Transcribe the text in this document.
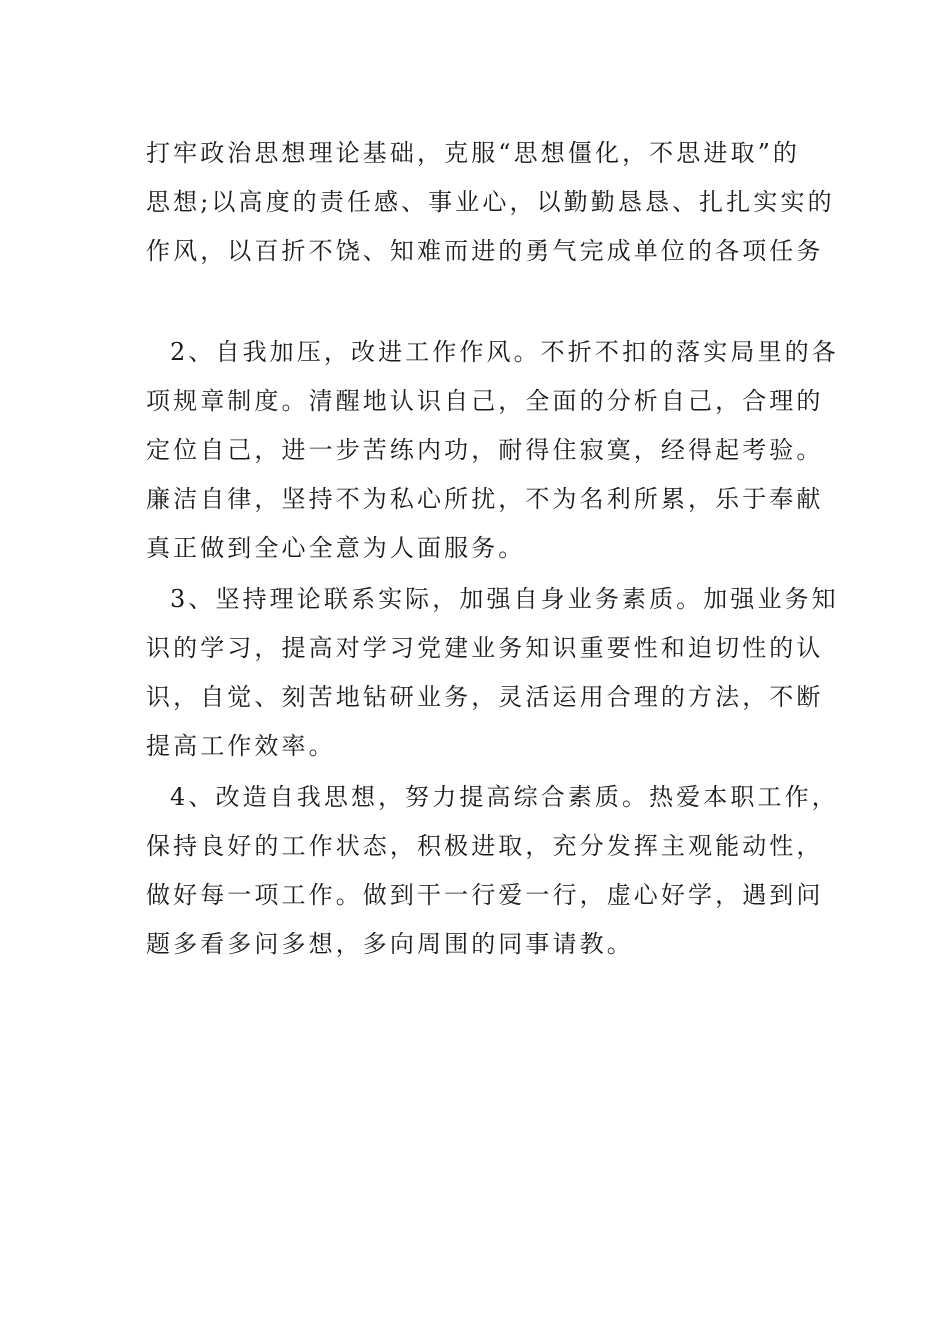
打牢政治思想理论基础，克服“思想僵化，不思进取”的
思想;以高度的责任感、事业心，以勤勤恳恳、扎扎实实的
作风，以百折不饶、知难而进的勇气完成单位的各项任务
2、自我加压，改进工作作风。不折不扣的落实局里的各
项规章制度。清醒地认识自己，全面的分析自己，合理的
定位自己，进一步苦练内功，耐得住寂寞，经得起考验。
廉洁自律，坚持不为私心所扰，不为名利所累，乐于奉献
真正做到全心全意为人面服务。
3、坚持理论联系实际，加强自身业务素质。加强业务知
识的学习，提高对学习党建业务知识重要性和迫切性的认
识，自觉、刻苦地钻研业务，灵活运用合理的方法，不断
提高工作效率。
4、改造自我思想，努力提高综合素质。热爱本职工作，
保持良好的工作状态，积极进取，充分发挥主观能动性，
做好每一项工作。做到干一行爱一行，虚心好学，遇到问
题多看多问多想，多向周围的同事请教。
